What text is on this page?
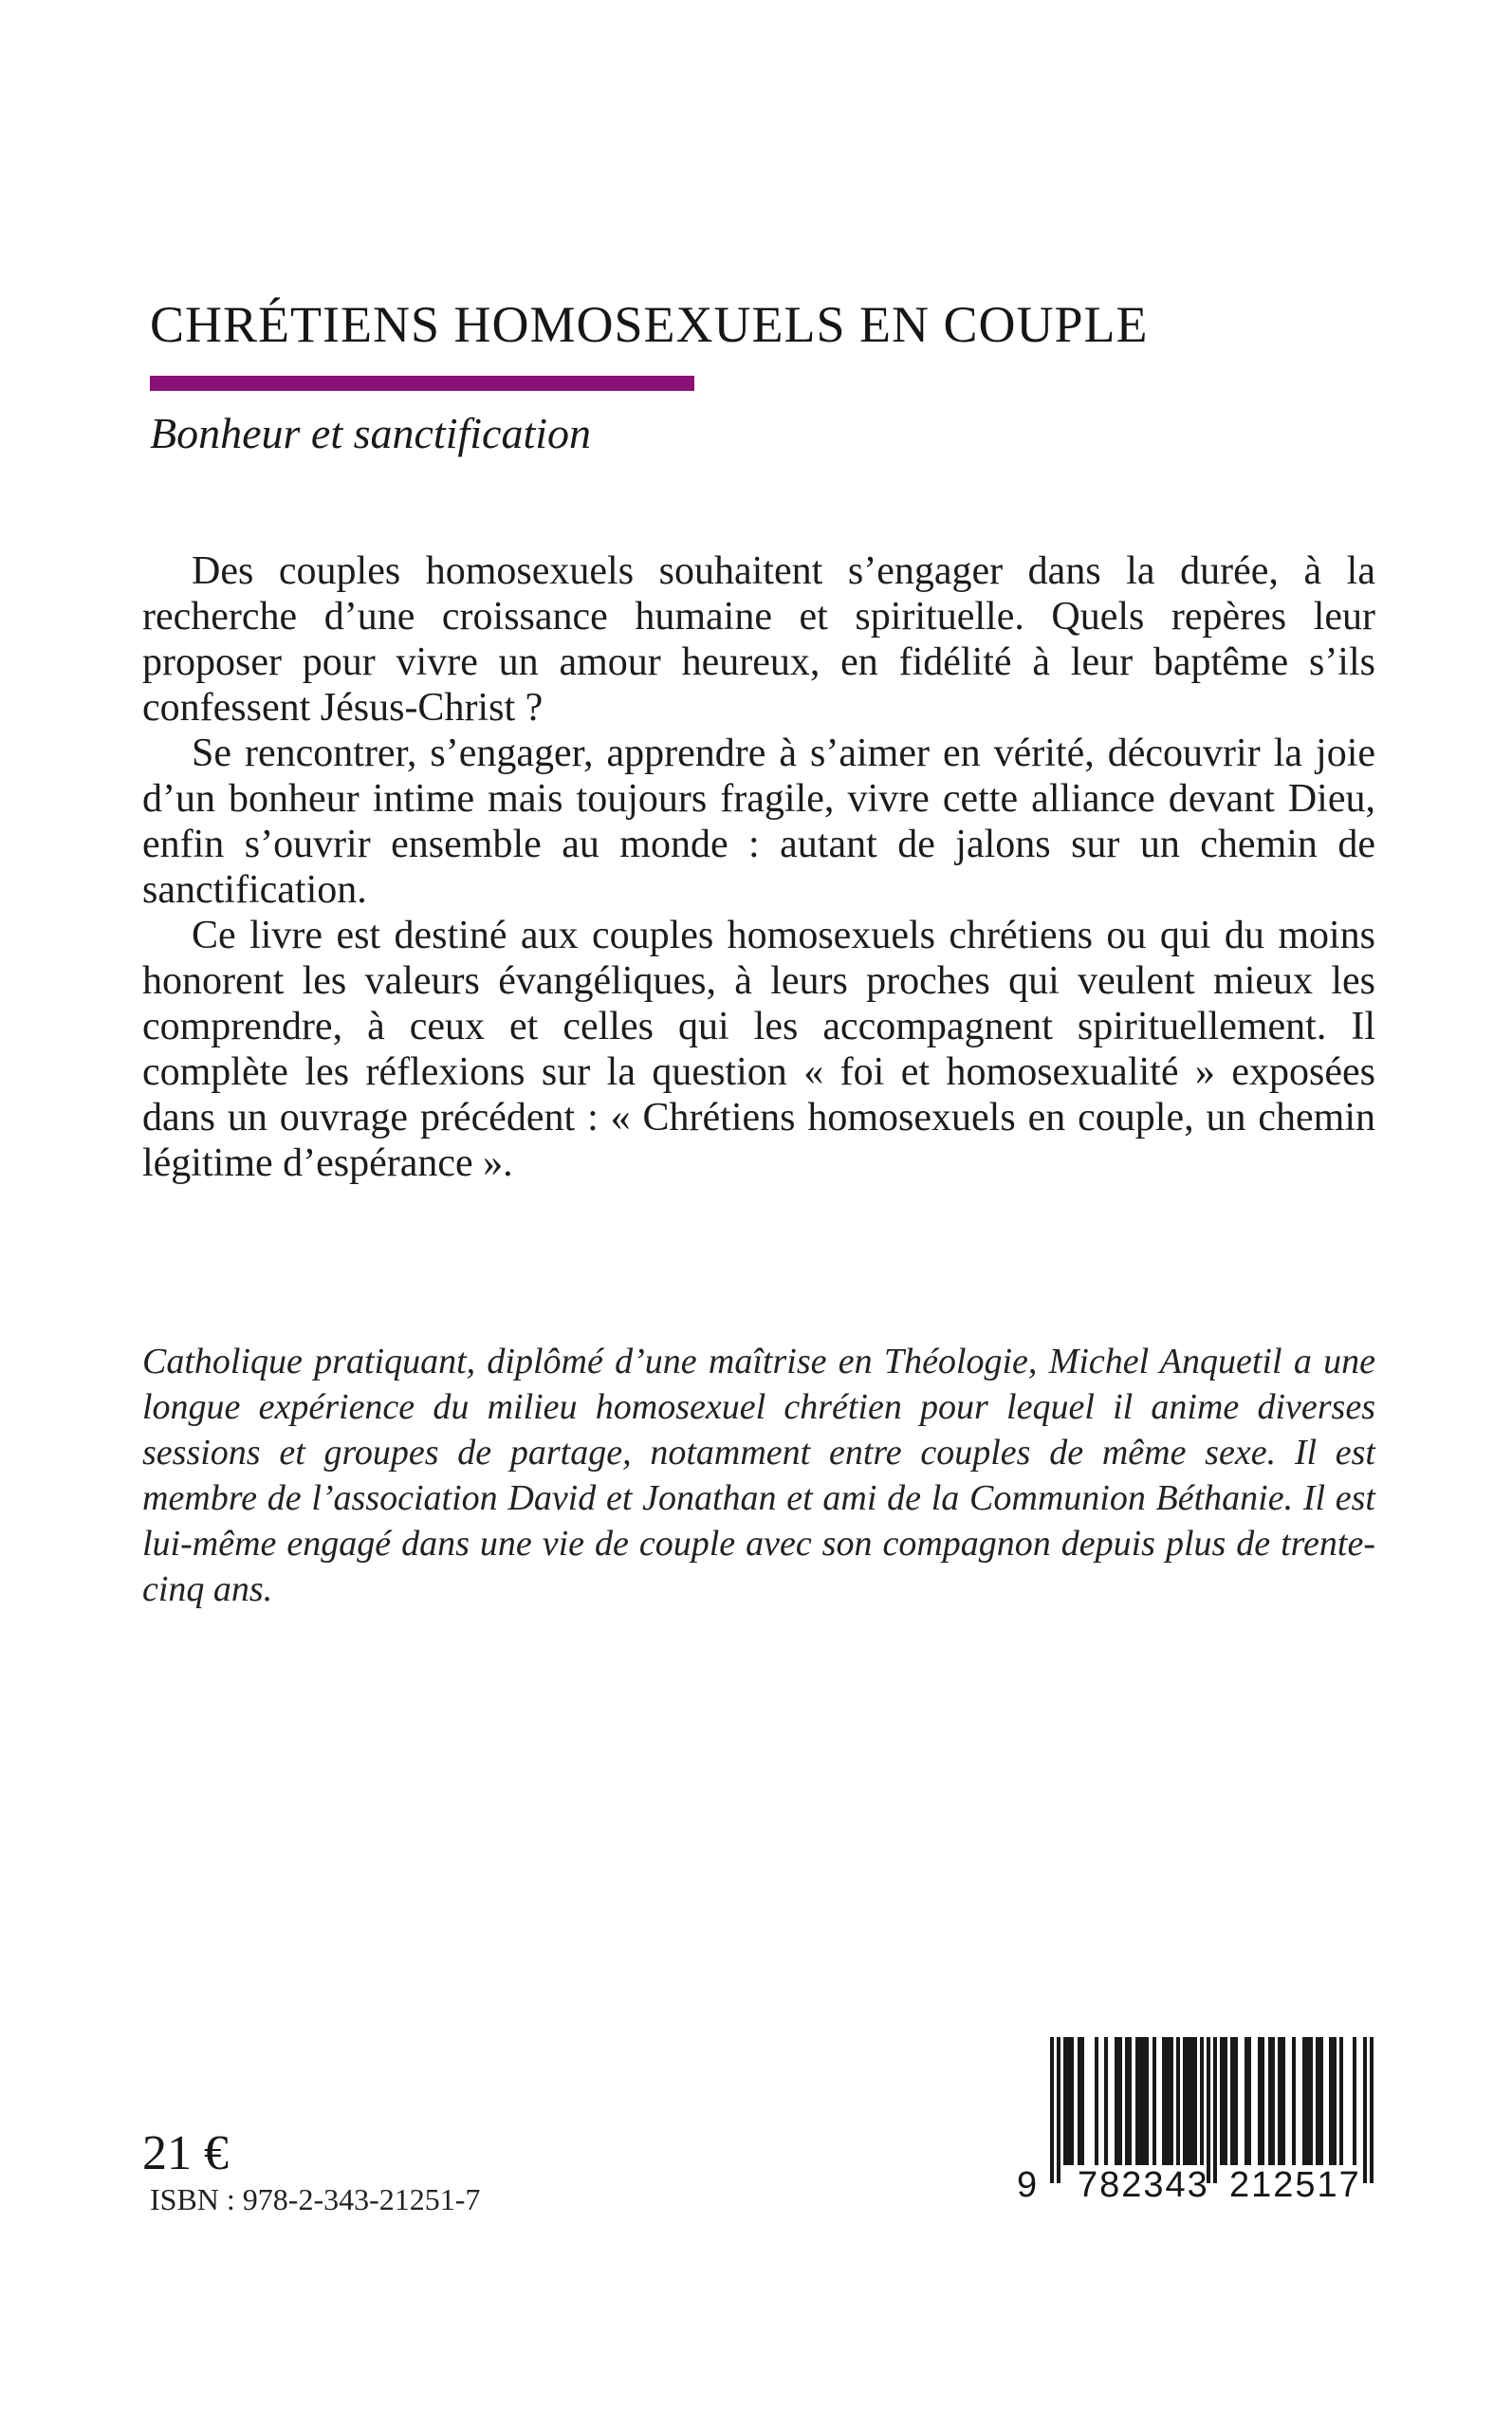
CHRÉTIENS HOMOSEXUELS EN COUPLE
Bonheur et sanctification

Des couples homosexuels souhaitent s’engager dans la durée, à la recherche d’une croissance humaine et spirituelle. Quels repères leur proposer pour vivre un amour heureux, en fidélité à leur baptême s’ils confessent Jésus-Christ ?

Se rencontrer, s’engager, apprendre à s’aimer en vérité, découvrir la joie d’un bonheur intime mais toujours fragile, vivre cette alliance devant Dieu, enfin s’ouvrir ensemble au monde : autant de jalons sur un chemin de sanctification.

Ce livre est destiné aux couples homosexuels chrétiens ou qui du moins honorent les valeurs évangéliques, à leurs proches qui veulent mieux les comprendre, à ceux et celles qui les accompagnent spirituellement. Il complète les réflexions sur la question « foi et homosexualité » exposées dans un ouvrage précédent : « Chrétiens homosexuels en couple, un chemin légitime d’espérance ».

Catholique pratiquant, diplômé d’une maîtrise en Théologie, Michel Anquetil a une longue expérience du milieu homosexuel chrétien pour lequel il anime diverses sessions et groupes de partage, notamment entre couples de même sexe. Il est membre de l’association David et Jonathan et ami de la Communion Béthanie. Il est lui-même engagé dans une vie de couple avec son compagnon depuis plus de trente-cinq ans.

21 €
ISBN : 978-2-343-21251-7	9 782343 212517
